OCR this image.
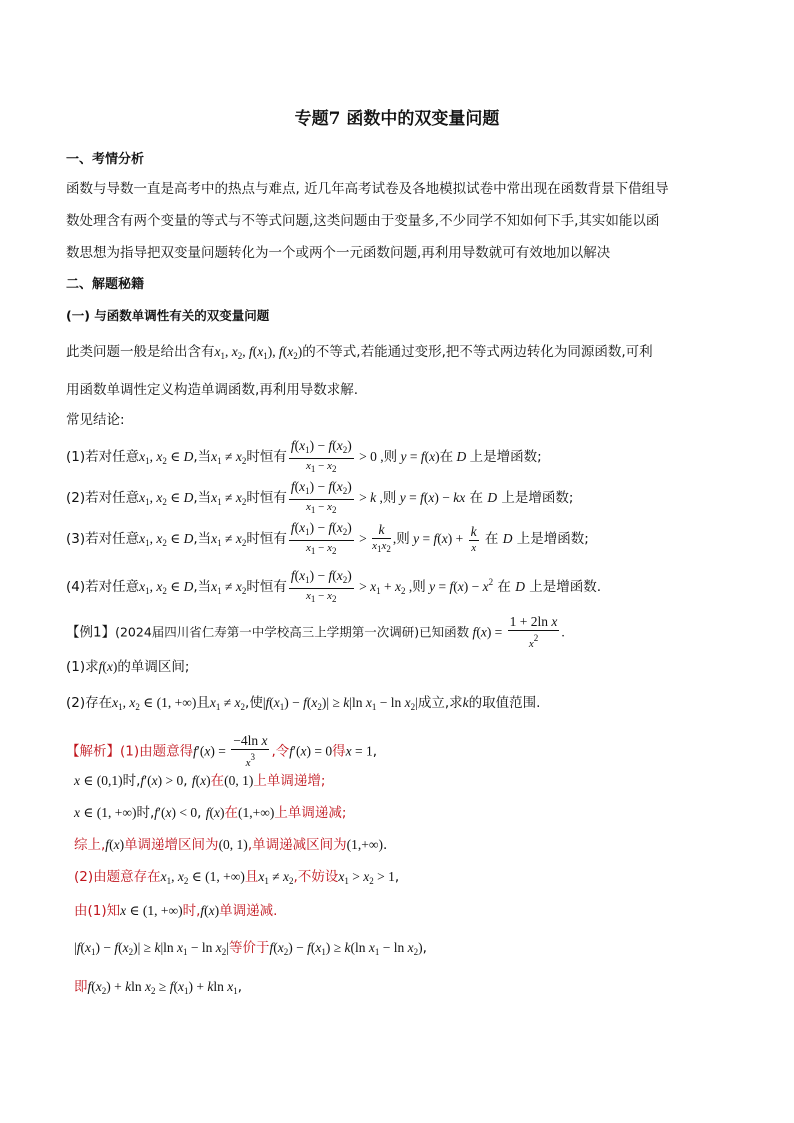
专题7 函数中的双变量问题
一、考情分析
函数与导数一直是高考中的热点与难点, 近几年高考试卷及各地模拟试卷中常出现在函数背景下借组导
数处理含有两个变量的等式与不等式问题,这类问题由于变量多,不少同学不知如何下手,其实如能以函
数思想为指导把双变量问题转化为一个或两个一元函数问题,再利用导数就可有效地加以解决
二、解题秘籍
(一) 与函数单调性有关的双变量问题
此类问题一般是给出含有$x_1$, $x_2$, $f(x_1)$, $f(x_2)$的不等式,若能通过变形,把不等式两边转化为同源函数,可利
用函数单调性定义构造单调函数,再利用导数求解.
常见结论:
(1)若对任意$x_1$, $x_2$ ∈ D,当$x_1 \ne x_2$时恒有 $\frac{f(x_1) - f(x_2)}{x_1 - x_2} > 0$ ,则 y = f(x)在 D 上是增函数;
(2)若对任意$x_1$, $x_2$ ∈ D,当$x_1 \ne x_2$时恒有 $\frac{f(x_1) - f(x_2)}{x_1 - x_2} > k$ ,则 y = f(x) − kx 在 D 上是增函数;
(3)若对任意$x_1$, $x_2$ ∈ D,当$x_1 \ne x_2$时恒有 $\frac{f(x_1) - f(x_2)}{x_1 - x_2} > \frac{k}{x_1x_2}$ ,则 $y = f(x) + \frac{k}{x}$ 在 D 上是增函数;
(4)若对任意$x_1$, $x_2$ ∈ D,当$x_1 \ne x_2$时恒有 $\frac{f(x_1) - f(x_2)}{x_1 - x_2} > x_1 + x_2$ ,则 $y = f(x) - x^2$ 在 D 上是增函数.
【例1】(2024届四川省仁寿第一中学校高三上学期第一次调研)已知函数 $f(x) = \frac{\text{1 + 2ln x}}{x^2}$ .
(1)求f(x)的单调区间;
(2)存在$x_1$, $x_2$ ∈ (1, +∞)且$x_1 \ne x_2$,使$|f(x_1) - f(x_2)| \ge k|\ln$ $x_1 - \ln x_2|$成立,求k的取值范围.
【解析】(1)由题意得$f'(x) = \frac{\text{−4ln x}}{x^3}$ ,令f′(x) = 0得x = 1,
x ∈ (0,1)时,f′(x) > 0, f(x)在(0, 1)上单调递增;
x ∈ (1, +∞)时,f′(x) < 0, f(x)在(1,+∞)上单调递减;
综上,f(x)单调递增区间为(0, 1),单调递减区间为(1,+∞).
(2)由题意存在$x_1$, $x_2$ ∈ (1, +∞)且$x_1 \ne x_2$,不妨设$x_1 > x_2 > 1$,
由(1)知x ∈ (1, +∞)时,f(x)单调递减.
$|f(x_1) - f(x_2)| \ge k|\ln$ $x_1 - \ln x_2|$等价于$f(x_2) - f(x_1) \ge k(\ln$ $x_1 - \ln x_2$),
即$f(x_2) + kln$ $x_2 \ge f(x_1) + kln$ $x_1$,
